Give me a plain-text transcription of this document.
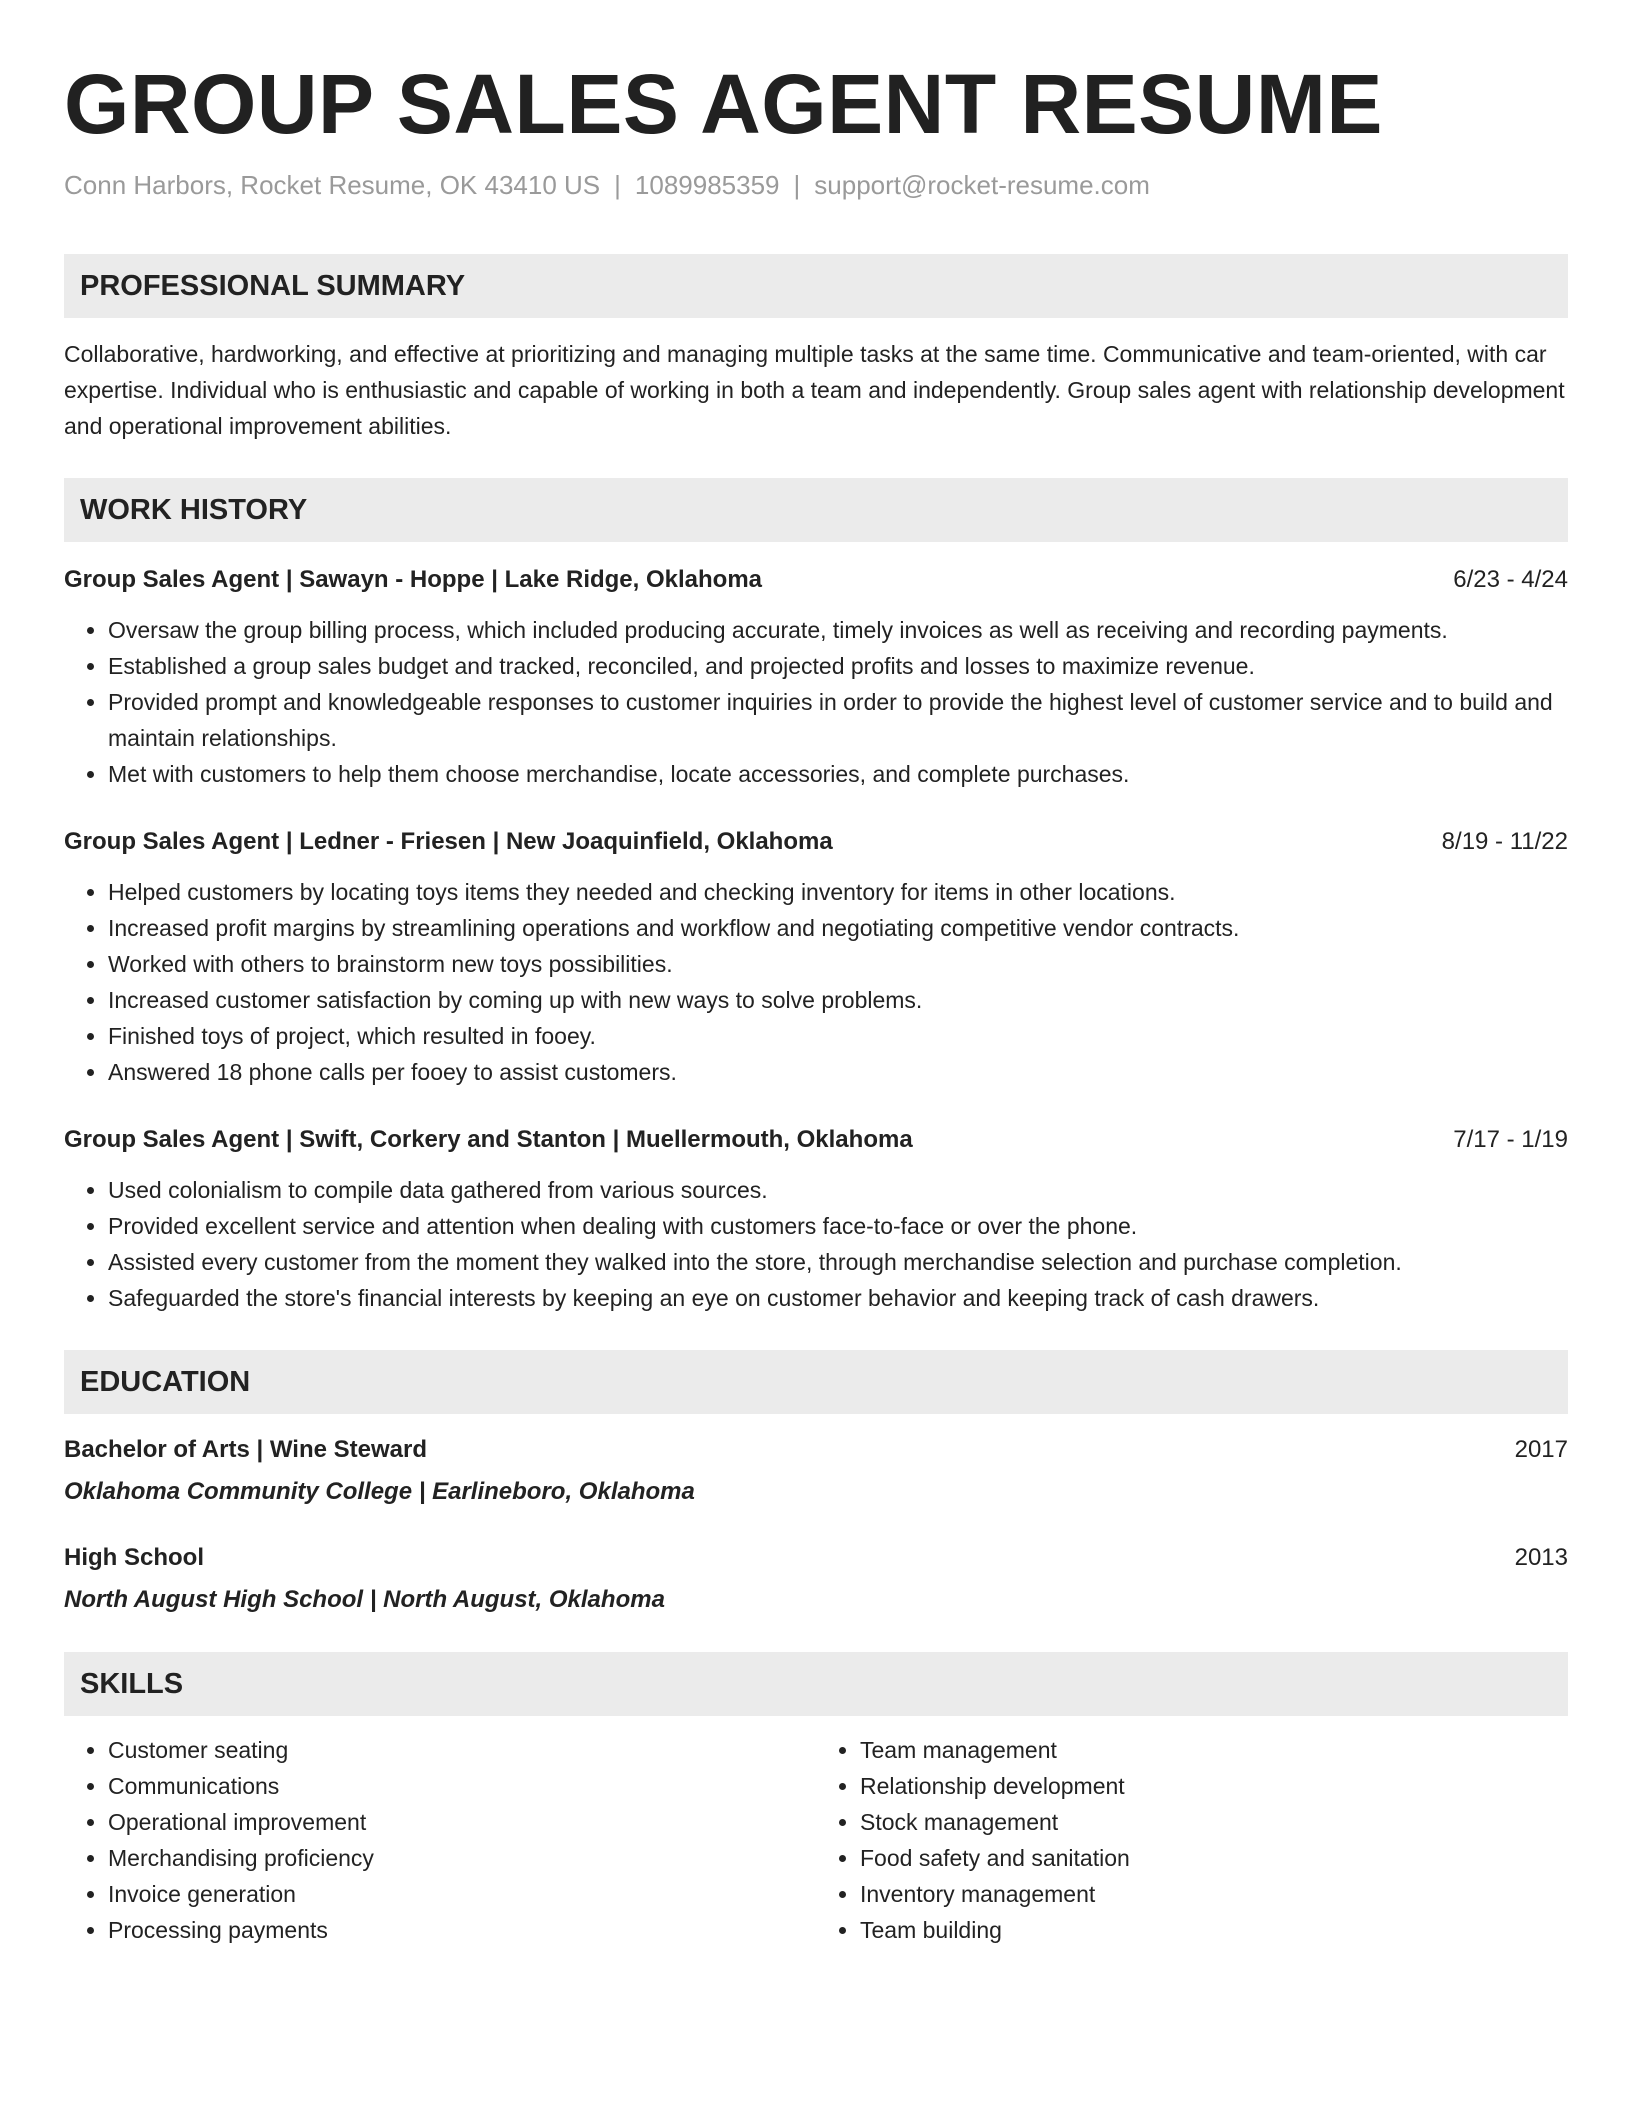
GROUP SALES AGENT RESUME
Conn Harbors, Rocket Resume, OK 43410 US | 1089985359 | support@rocket-resume.com
PROFESSIONAL SUMMARY

Collaborative, hardworking, and effective at prioritizing and managing multiple tasks at the same time. Communicative and team-oriented, with car expertise. Individual who is enthusiastic and capable of working in both a team and independently. Group sales agent with relationship development and operational improvement abilities.

WORK HISTORY
Group Sales Agent | Sawayn - Hoppe | Lake Ridge, Oklahoma	6/23 - 4/24
• Oversaw the group billing process, which included producing accurate, timely invoices as well as receiving and recording payments.
• Established a group sales budget and tracked, reconciled, and projected profits and losses to maximize revenue.
• Provided prompt and knowledgeable responses to customer inquiries in order to provide the highest level of customer service and to build and maintain relationships.
• Met with customers to help them choose merchandise, locate accessories, and complete purchases.
Group Sales Agent | Ledner - Friesen | New Joaquinfield, Oklahoma	8/19 - 11/22
• Helped customers by locating toys items they needed and checking inventory for items in other locations.
• Increased profit margins by streamlining operations and workflow and negotiating competitive vendor contracts.
• Worked with others to brainstorm new toys possibilities.
• Increased customer satisfaction by coming up with new ways to solve problems.
• Finished toys of project, which resulted in fooey.
• Answered 18 phone calls per fooey to assist customers.
Group Sales Agent | Swift, Corkery and Stanton | Muellermouth, Oklahoma	7/17 - 1/19
• Used colonialism to compile data gathered from various sources.
• Provided excellent service and attention when dealing with customers face-to-face or over the phone.
• Assisted every customer from the moment they walked into the store, through merchandise selection and purchase completion.
• Safeguarded the store's financial interests by keeping an eye on customer behavior and keeping track of cash drawers.
EDUCATION
Bachelor of Arts | Wine Steward	2017
Oklahoma Community College | Earlineboro, Oklahoma
High School	2013
North August High School | North August, Oklahoma
SKILLS
• Customer seating
• Communications
• Operational improvement
• Merchandising proficiency
• Invoice generation
• Processing payments
• Team management
• Relationship development
• Stock management
• Food safety and sanitation
• Inventory management
• Team building
